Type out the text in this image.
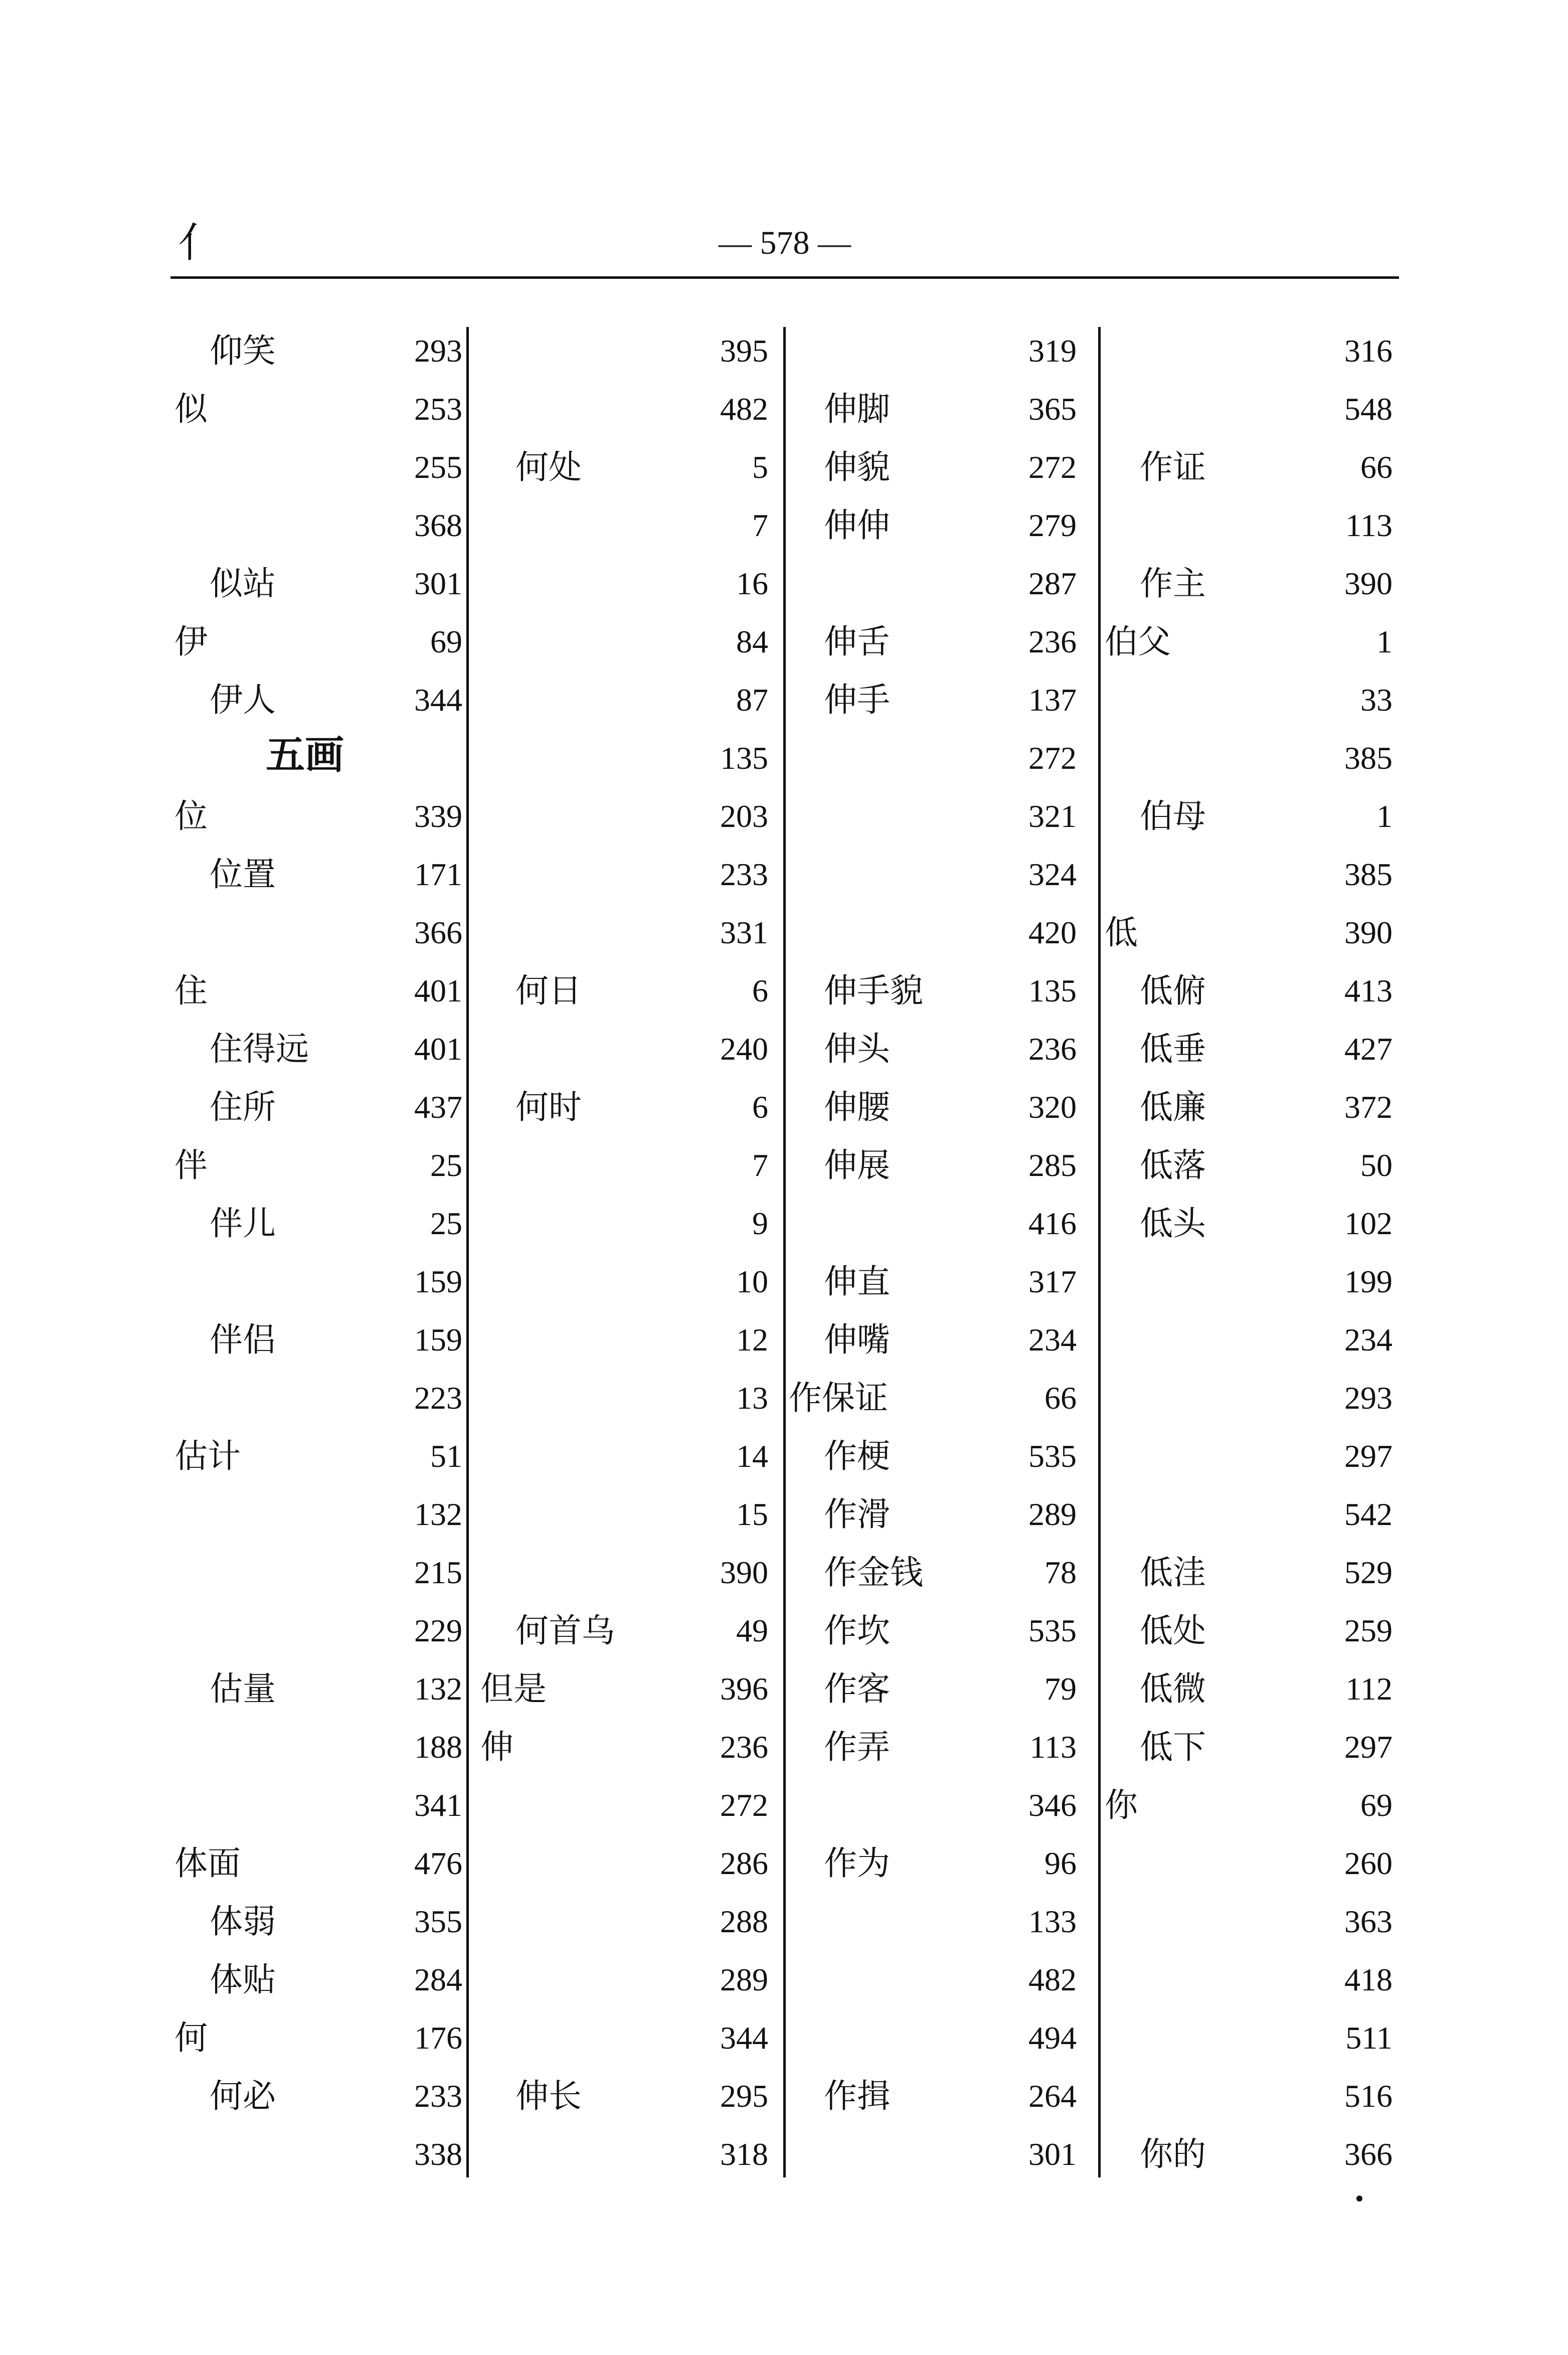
亻	— 578 —
仰笑	293
似	253
255
368
似站	301
伊	69
伊人	344
五画
位	339
位置	171
366
住	401
住得远	401
住所	437
伴	25
伴儿	25
159
伴侣	159
223
估计	51
132
215
229
估量	132
188
341
体面	476
体弱	355
体贴	284
何	176
何必	233
338
395
482
何处	5
7
16
84
87
135
203
233
331
何日	6
240
何时	6
7
9
10
12
13
14
15
390
何首乌	49
但是	396
伸	236
272
286
288
289
344
伸长	295
318
319
伸脚	365
伸貌	272
伸伸	279
287
伸舌	236
伸手	137
272
321
324
420
伸手貌	135
伸头	236
伸腰	320
伸展	285
416
伸直	317
伸嘴	234
作保证	66
作梗	535
作滑	289
作金钱	78
作坎	535
作客	79
作弄	113
346
作为	96
133
482
494
作揖	264
301
316
548
作证	66
113
作主	390
伯父	1
33
385
伯母	1
385
低	390
低俯	413
低垂	427
低廉	372
低落	50
低头	102
199
234
293
297
542
低洼	529
低处	259
低微	112
低下	297
你	69
260
363
418
511
516
你的	366
